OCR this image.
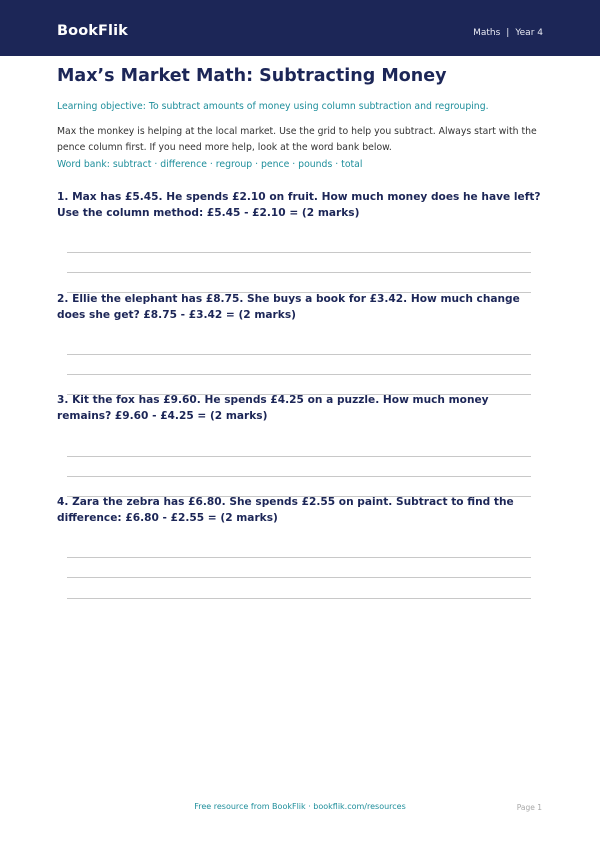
BookFlik	Maths | Year 4
Max’s Market Math: Subtracting Money
Learning objective: To subtract amounts of money using column subtraction and regrouping.
Max the monkey is helping at the local market. Use the grid to help you subtract. Always start with the pence column first. If you need more help, look at the word bank below.
Word bank: subtract · difference · regroup · pence · pounds · total
1. Max has £5.45. He spends £2.10 on fruit. How much money does he have left? Use the column method: £5.45 - £2.10 = (2 marks)
2. Ellie the elephant has £8.75. She buys a book for £3.42. How much change does she get? £8.75 - £3.42 = (2 marks)
3. Kit the fox has £9.60. He spends £4.25 on a puzzle. How much money remains? £9.60 - £4.25 = (2 marks)
4. Zara the zebra has £6.80. She spends £2.55 on paint. Subtract to find the difference: £6.80 - £2.55 = (2 marks)
Free resource from BookFlik · bookflik.com/resources	Page 1
